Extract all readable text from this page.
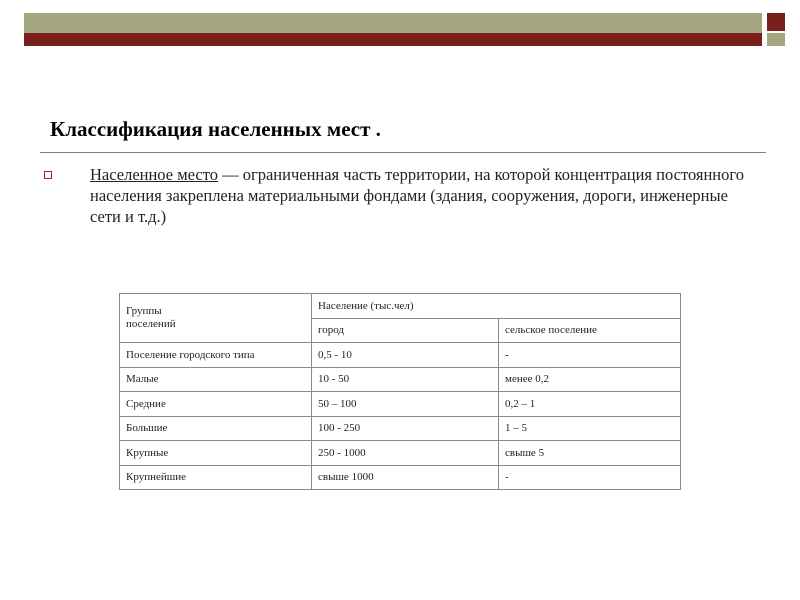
Классификация населенных мест .
Населенное место — ограниченная часть территории, на которой концентрация постоянного населения закреплена материальными фондами (здания, сооружения, дороги, инженерные сети и т.д.)
Группы поселений	Население (тыс.чел)	
	город	сельское поселение
Поселение городского типа	0,5 - 10	-
Малые	10 - 50	менее 0,2
Средние	50 – 100	0,2 – 1
Большие	100 - 250	1 – 5
Крупные	250 - 1000	свыше 5
Крупнейшие	свыше 1000	-
